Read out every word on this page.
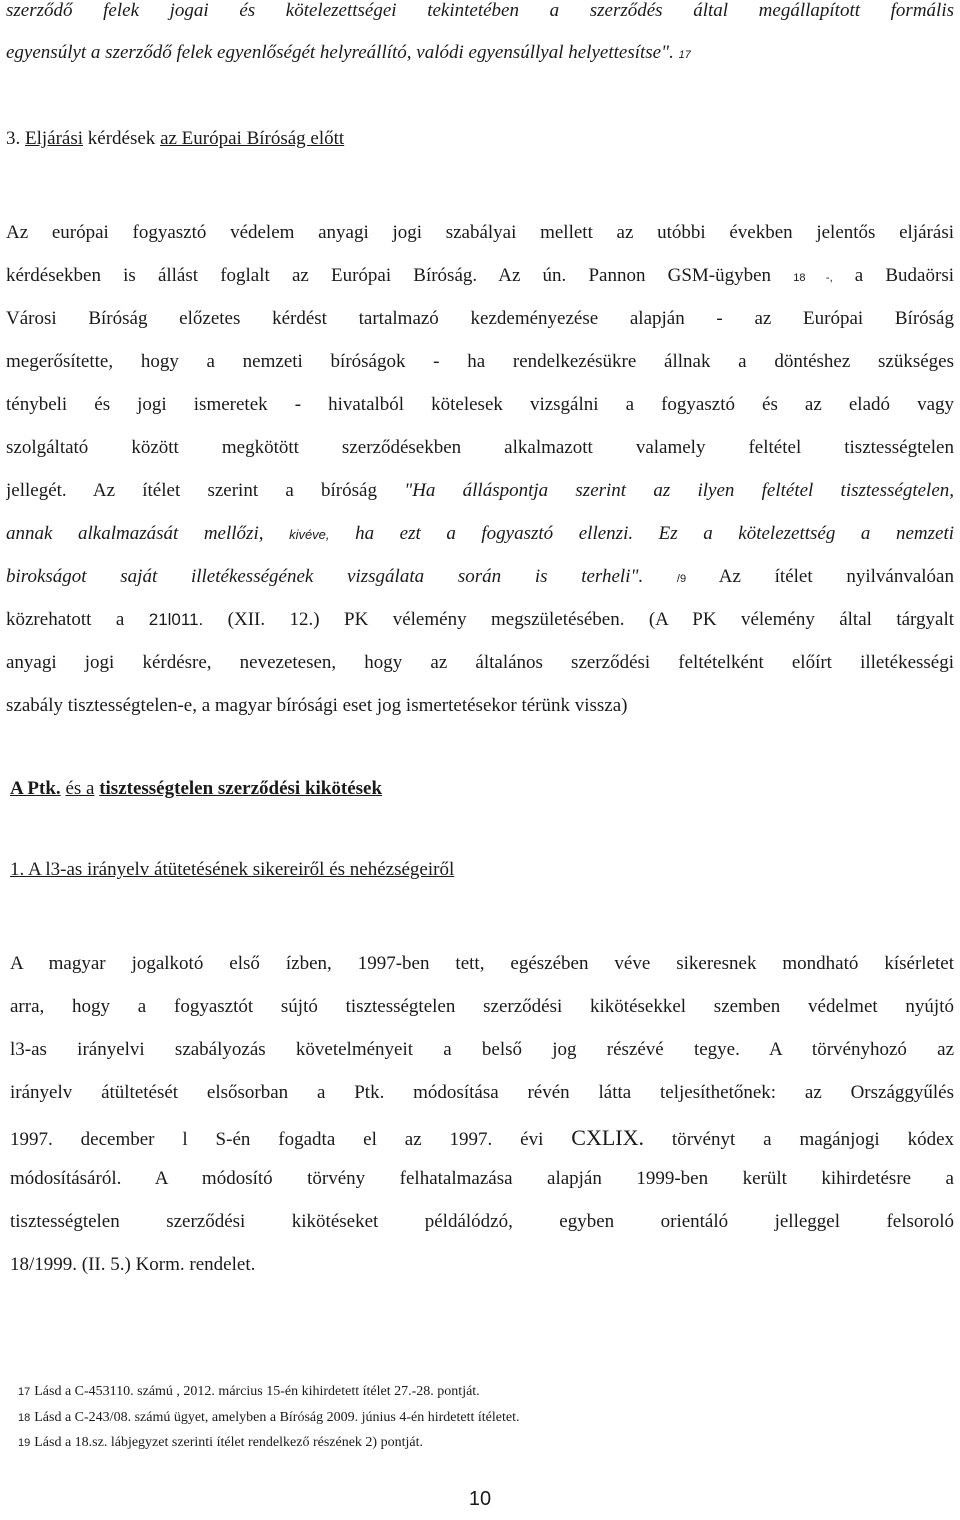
szerződő felek jogai és kötelezettségei tekintetében a szerződés által megállapított formális
egyensúlyt a szerződő felek egyenlőségét helyreállító, valódi egyensúllyal helyettesítse". 17
3. Eljárási kérdések az Európai Bíróság előtt
Az európai fogyasztó védelem anyagi jogi szabályai mellett az utóbbi években jelentős eljárási
kérdésekben is állást foglalt az Európai Bíróság. Az ún. Pannon GSM-ügyben 18 -, a Budaörsi
Városi Bíróság előzetes kérdést tartalmazó kezdeményezése alapján - az Európai Bíróság
megerősítette, hogy a nemzeti bíróságok - ha rendelkezésükre állnak a döntéshez szükséges
ténybeli és jogi ismeretek - hivatalból kötelesek vizsgálni a fogyasztó és az eladó vagy
szolgáltató között megkötött szerződésekben alkalmazott valamely feltétel tisztességtelen
jellegét. Az ítélet szerint a bíróság "Ha álláspontja szerint az ilyen feltétel tisztességtelen,
annak alkalmazását mellőzi, kivéve, ha ezt a fogyasztó ellenzi. Ez a kötelezettség a nemzeti
birokságot saját illetékességének vizsgálata során is terheli".	/9 Az ítélet nyilvánvalóan
közrehatott a 21l011. (XII. 12.) PK vélemény megszületésében. (A PK vélemény által tárgyalt
anyagi jogi kérdésre, nevezetesen, hogy az általános szerződési feltételként előírt illetékességi
szabály tisztességtelen-e, a magyar bírósági eset jog ismertetésekor térünk vissza)
A Ptk. és a tisztességtelen szerződési kikötések
1. A l3-as irányelv átütetésének sikereiről és nehézségeiről
A magyar jogalkotó első ízben, 1997-ben tett, egészében véve sikeresnek mondható kísérletet
arra, hogy a fogyasztót sújtó tisztességtelen szerződési kikötésekkel szemben védelmet nyújtó
l3-as irányelvi szabályozás követelményeit a belső jog részévé tegye. A törvényhozó az
irányelv átültetését elsősorban a Ptk. módosítása révén látta teljesíthetőnek: az Országgyűlés
1997. december l S-én fogadta el az 1997. évi CXLIX. törvényt a magánjogi kódex
módosításáról. A módosító törvény felhatalmazása alapján 1999-ben került kihirdetésre a
tisztességtelen szerződési kikötéseket példálódzó, egyben orientáló jelleggel felsoroló
18/1999. (II. 5.) Korm. rendelet.
17 Lásd a C-453110. számú , 2012. március 15-én kihirdetett ítélet 27.-28. pontját.
18 Lásd a C-243/08. számú ügyet, amelyben a Bíróság 2009. június 4-én hirdetett ítéletet.
19 Lásd a 18.sz. lábjegyzet szerinti ítélet rendelkező részének 2) pontját.
10
